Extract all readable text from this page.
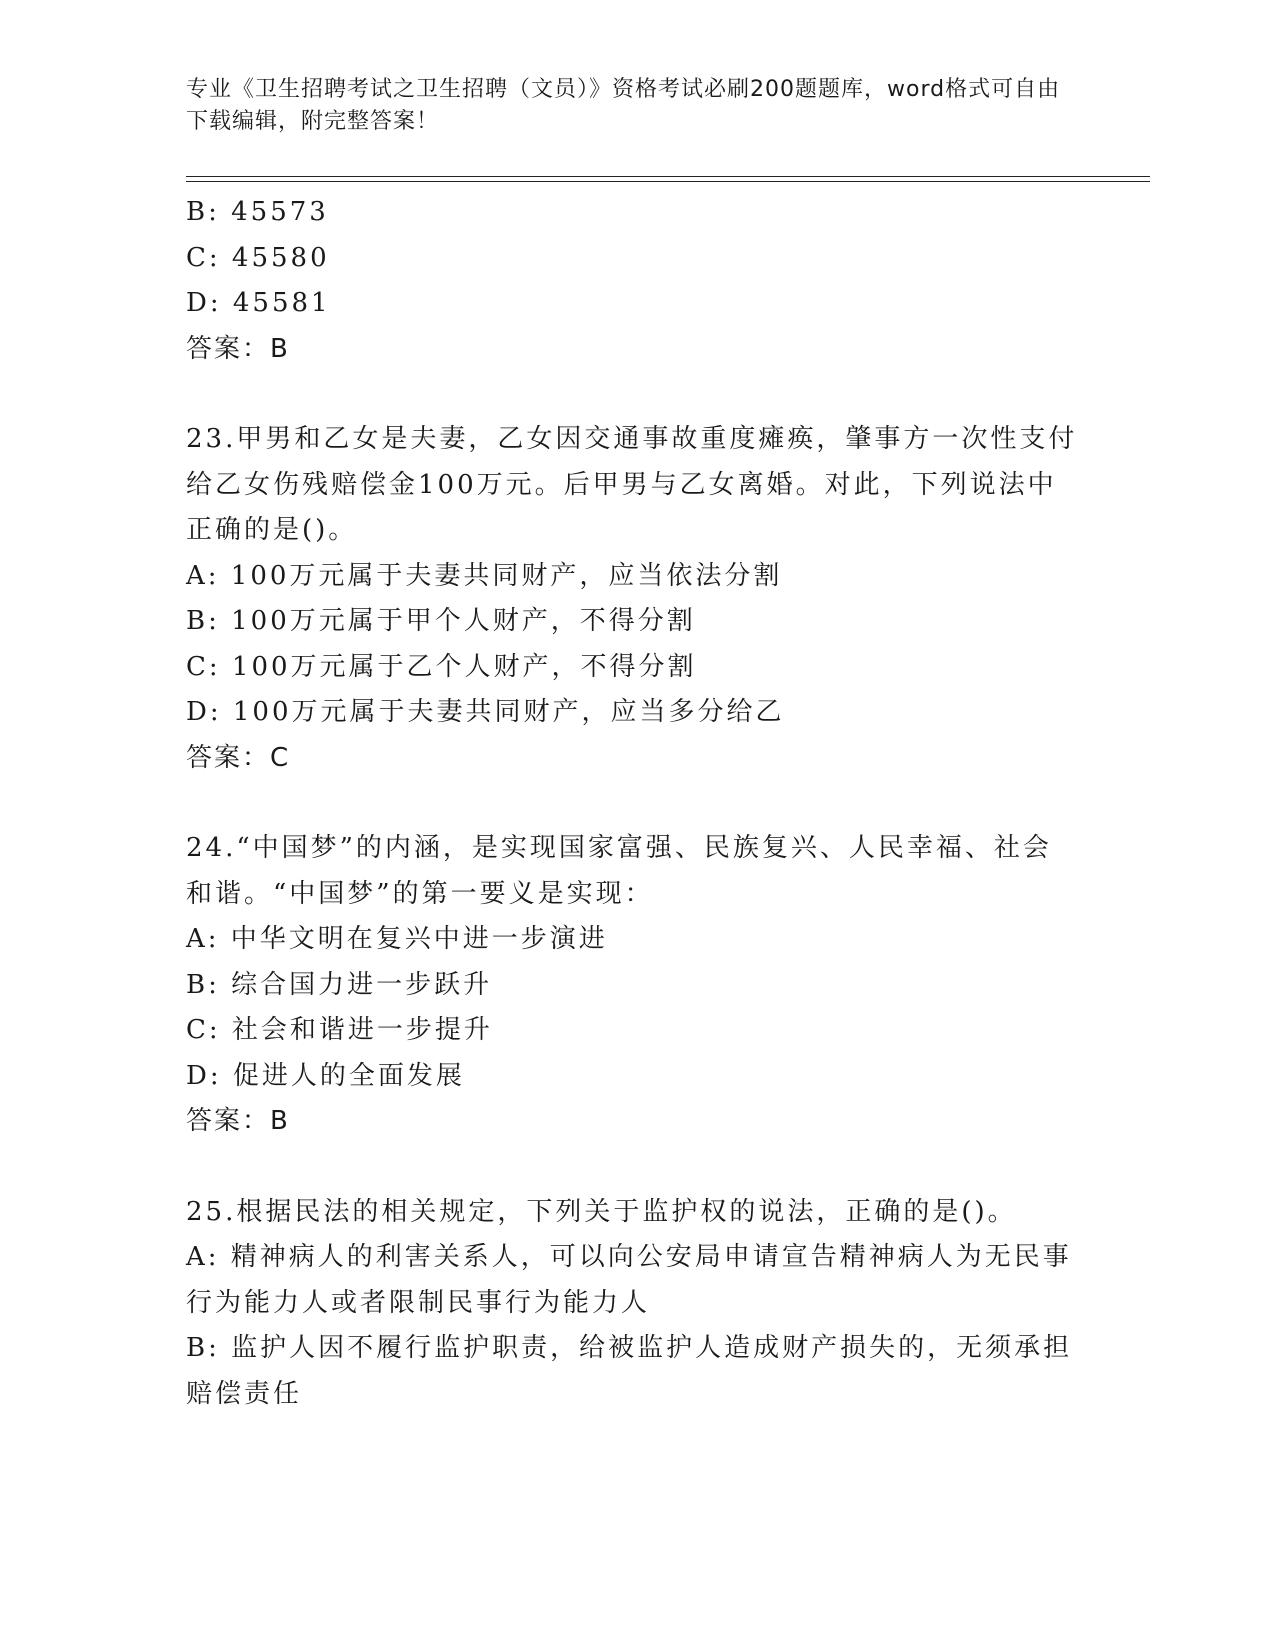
专业《卫生招聘考试之卫生招聘（文员）》资格考试必刷200题题库，word格式可自由下载编辑，附完整答案！
B: 45573
C: 45580
D: 45581
答案：B
23.甲男和乙女是夫妻，乙女因交通事故重度瘫痪，肇事方一次性支付
给乙女伤残赔偿金100万元。后甲男与乙女离婚。对此，下列说法中
正确的是()。
A: 100万元属于夫妻共同财产，应当依法分割
B: 100万元属于甲个人财产，不得分割
C: 100万元属于乙个人财产，不得分割
D: 100万元属于夫妻共同财产，应当多分给乙
答案：C
24.“中国梦”的内涵，是实现国家富强、民族复兴、人民幸福、社会
和谐。“中国梦”的第一要义是实现：
A: 中华文明在复兴中进一步演进
B: 综合国力进一步跃升
C: 社会和谐进一步提升
D: 促进人的全面发展
答案：B
25.根据民法的相关规定，下列关于监护权的说法，正确的是()。
A: 精神病人的利害关系人，可以向公安局申请宣告精神病人为无民事
行为能力人或者限制民事行为能力人
B: 监护人因不履行监护职责，给被监护人造成财产损失的，无须承担
赔偿责任
